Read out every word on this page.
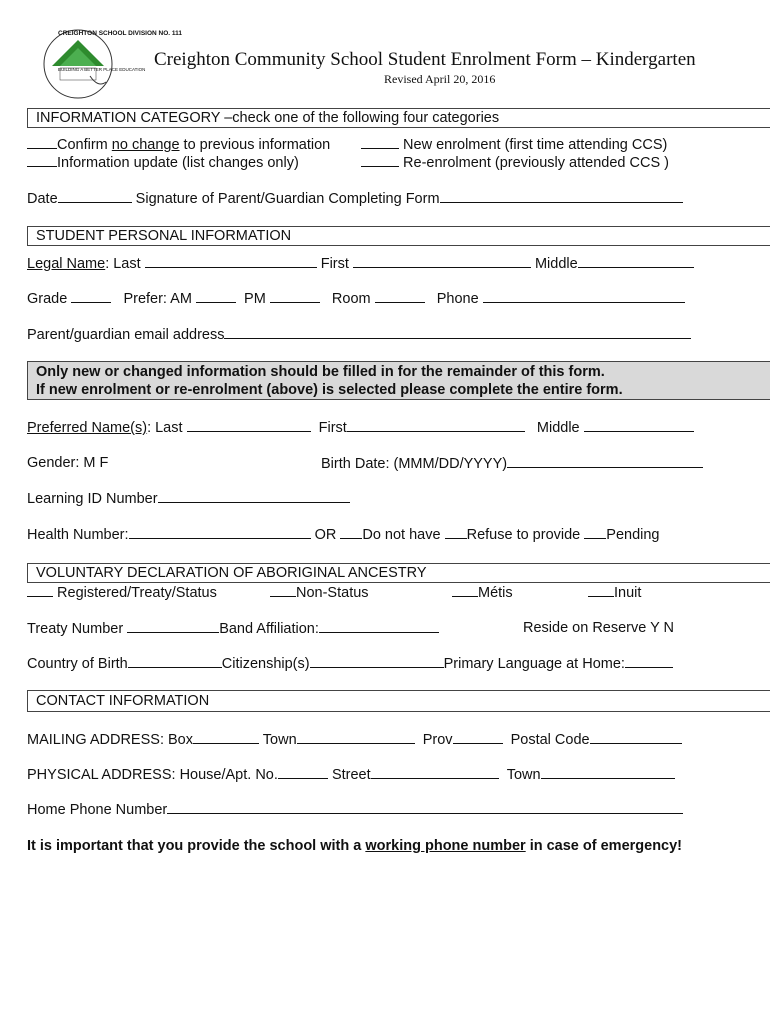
CREIGHTON SCHOOL DIVISION NO. 111
BUILDING A BETTER PLACE EDUCATION Creighton Community School Student Enrolment Form – Kindergarten
Revised April 20, 2016
INFORMATION CATEGORY –check one of the following four categories
Confirm no change to previous information
Information update (list changes only)
New enrolment (first time attending CCS)
Re-enrolment (previously attended CCS )
Date	Signature of Parent/Guardian Completing Form
STUDENT PERSONAL INFORMATION
Legal Name: Last	First	Middle
Grade	Prefer: AM	PM	Room	Phone
Parent/guardian email address
Only new or changed information should be filled in for the remainder of this form.
If new enrolment or re-enrolment (above) is selected please complete the entire form.
Preferred Name(s): Last	First	Middle
Gender: M F	Birth Date: (MMM/DD/YYYY)
Learning ID Number
Health Number:	OR Do not have Refuse to provide Pending
VOLUNTARY DECLARATION OF ABORIGINAL ANCESTRY
Registered/Treaty/Status	Non-Status	Métis	Inuit
Treaty Number	Band Affiliation:	Reside on Reserve Y N
Country of Birth	Citizenship(s)	Primary Language at Home:
CONTACT INFORMATION
MAILING ADDRESS: Box	Town	Prov	Postal Code
PHYSICAL ADDRESS: House/Apt. No.	Street	Town
Home Phone Number
It is important that you provide the school with a working phone number in case of emergency!
